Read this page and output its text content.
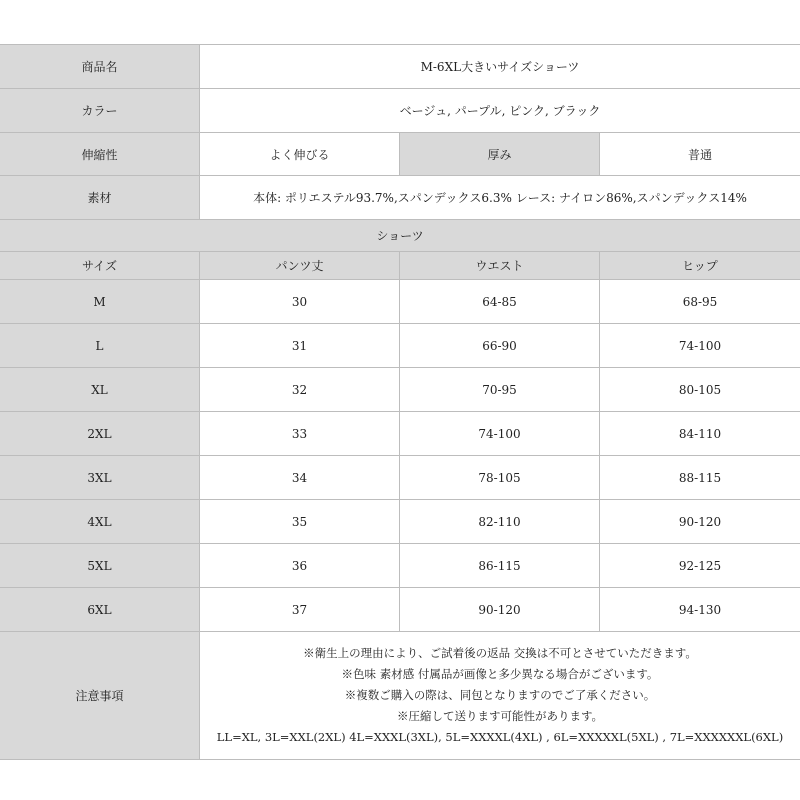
商品名	M-6XL大きいサイズショーツ
カラー	ベージュ, パープル, ピンク, ブラック
伸縮性	よく伸びる	厚み	普通
素材	本体: ポリエステル93.7%,スパンデックス6.3% レース: ナイロン86%,スパンデックス14%
ショーツ
サイズ	パンツ丈	ウエスト	ヒップ
M	30	64-85	68-95
L	31	66-90	74-100
XL	32	70-95	80-105
2XL	33	74-100	84-110
3XL	34	78-105	88-115
4XL	35	82-110	90-120
5XL	36	86-115	92-125
6XL	37	90-120	94-130
注意事項
※衛生上の理由により、ご試着後の返品 交換は不可とさせていただきます。
※色味 素材感 付属品が画像と多少異なる場合がございます。
※複数ご購入の際は、同包となりますのでご了承ください。
※圧縮して送ります可能性があります。
LL=XL, 3L=XXL(2XL) 4L=XXXL(3XL), 5L=XXXXL(4XL) , 6L=XXXXXL(5XL) , 7L=XXXXXXL(6XL)
